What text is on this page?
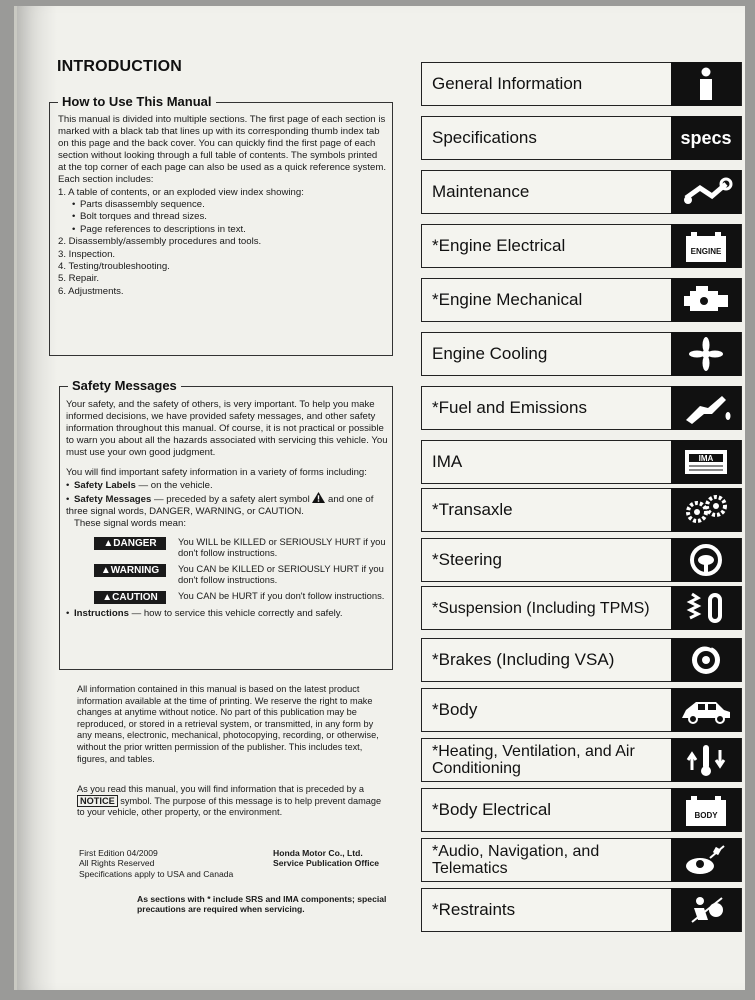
INTRODUCTION
How to Use This Manual

This manual is divided into multiple sections. The first page of each section is marked with a black tab that lines up with its corresponding thumb index tab on this page and the back cover. You can quickly find the first page of each section without looking through a full table of contents. The symbols printed at the top corner of each page can also be used as a quick reference system.

Each section includes:

1. A table of contents, or an exploded view index showing:
• Parts disassembly sequence.
• Bolt torques and thread sizes.
• Page references to descriptions in text.
2. Disassembly/assembly procedures and tools.
3. Inspection.
4. Testing/troubleshooting.
5. Repair.
6. Adjustments.
Safety Messages

Your safety, and the safety of others, is very important. To help you make informed decisions, we have provided safety messages, and other safety information throughout this manual. Of course, it is not practical or possible to warn you about all the hazards associated with servicing this vehicle. You must use your own good judgment.

You will find important safety information in a variety of forms including:

• Safety Labels — on the vehicle.
• Safety Messages — preceded by a safety alert symbol  and one of three signal words, DANGER, WARNING, or CAUTION.

These signal words mean:

▲ DANGER You WILL be KILLED or SERIOUSLY HURT if you don't follow instructions.
▲ WARNING You CAN be KILLED or SERIOUSLY HURT if you don't follow instructions.
▲ CAUTION You CAN be HURT if you don't follow instructions.
• Instructions — how to service this vehicle correctly and safely.
All information contained in this manual is based on the latest product information available at the time of printing. We reserve the right to make changes at anytime without notice. No part of this publication may be reproduced, or stored in a retrieval system, or transmitted, in any form by any means, electronic, mechanical, photocopying, recording, or otherwise, without the prior written permission of the publisher. This includes text, figures, and tables.
As you read this manual, you will find information that is preceded by a NOTICE symbol. The purpose of this message is to help prevent damage to your vehicle, other property, or the environment.
First Edition 04/2009
All Rights Reserved
Specifications apply to USA and Canada
Honda Motor Co., Ltd.
Service Publication Office
As sections with * include SRS and IMA components; special precautions are required when servicing.
General Information
Specifications	specs
Maintenance
*Engine Electrical	ENGINE
*Engine Mechanical
Engine Cooling
*Fuel and Emissions
IMA	IMA
*Transaxle
*Steering
*Suspension (Including TPMS)
*Brakes (Including VSA)
*Body
*Heating, Ventilation, and Air Conditioning
*Body Electrical	BODY
*Audio, Navigation, and Telematics
*Restraints
